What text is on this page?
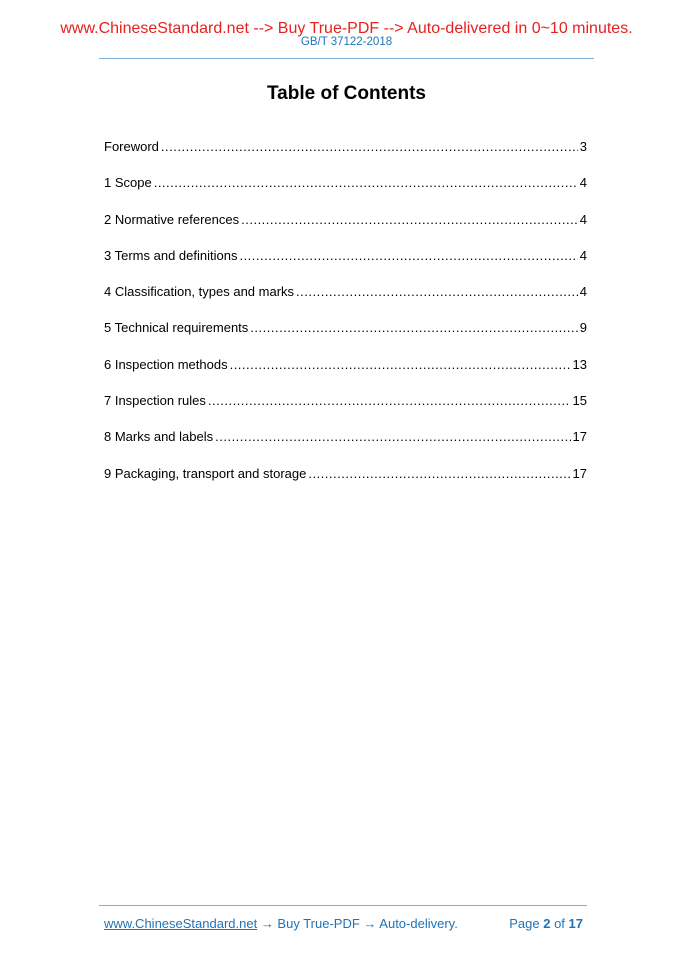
www.ChineseStandard.net --> Buy True-PDF --> Auto-delivered in 0~10 minutes.
GB/T 37122-2018
Table of Contents
Foreword .....	3
1 Scope .....	4
2 Normative references .....	4
3 Terms and definitions .....	4
4 Classification, types and marks .....	4
5 Technical requirements .....	9
6 Inspection methods .....	13
7 Inspection rules .....	15
8 Marks and labels .....	17
9 Packaging, transport and storage .....	17
www.ChineseStandard.net → Buy True-PDF → Auto-delivery.	Page 2 of 17
